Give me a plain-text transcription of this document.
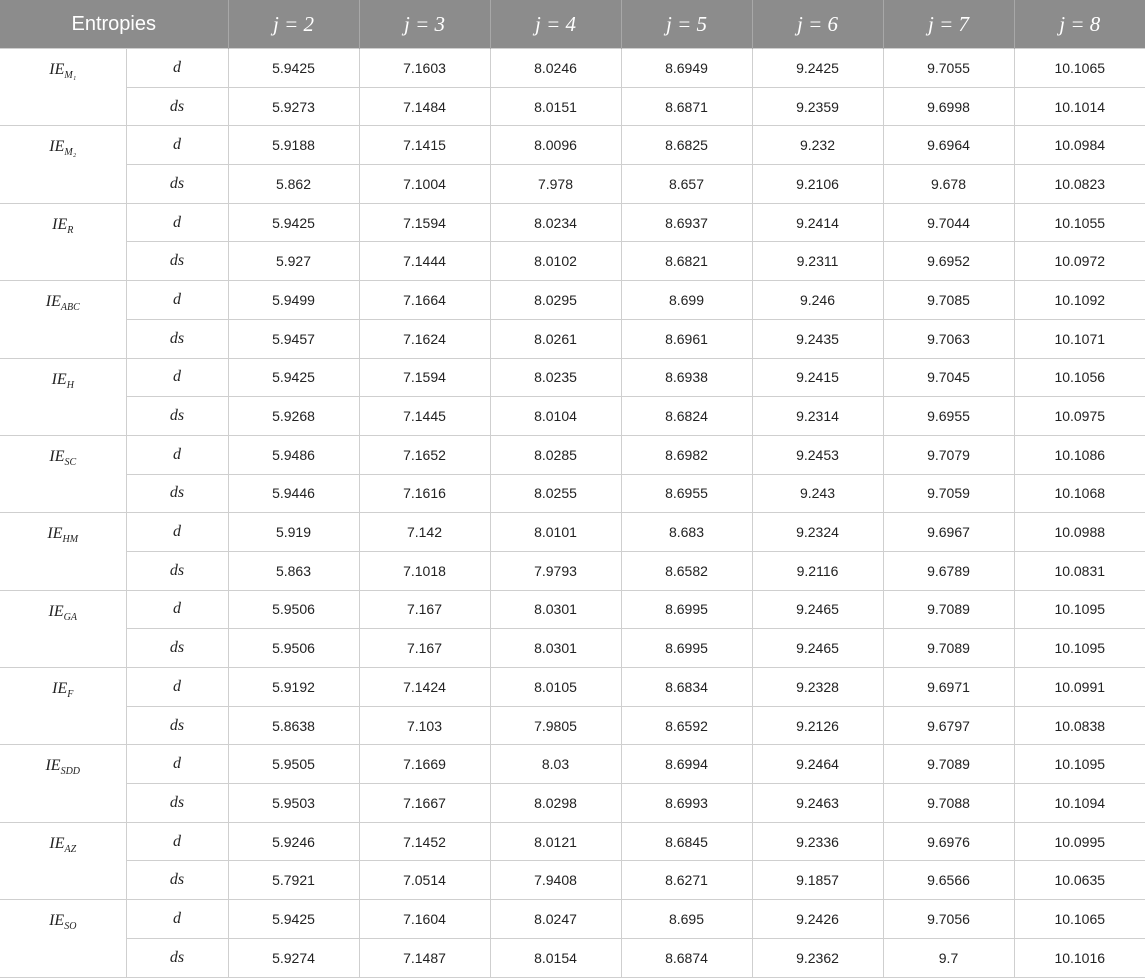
Entropies		j = 2	j = 3	j = 4	j = 5	j = 6	j = 7	j = 8
$IE_{M_1}$	d	5.9425	7.1603	8.0246	8.6949	9.2425	9.7055	10.1065
	ds	5.9273	7.1484	8.0151	8.6871	9.2359	9.6998	10.1014
$IE_{M_2}$	d	5.9188	7.1415	8.0096	8.6825	9.232	9.6964	10.0984
	ds	5.862	7.1004	7.978	8.657	9.2106	9.678	10.0823
$IE_R$	d	5.9425	7.1594	8.0234	8.6937	9.2414	9.7044	10.1055
	ds	5.927	7.1444	8.0102	8.6821	9.2311	9.6952	10.0972
$IE_{ABC}$	d	5.9499	7.1664	8.0295	8.699	9.246	9.7085	10.1092
	ds	5.9457	7.1624	8.0261	8.6961	9.2435	9.7063	10.1071
$IE_H$	d	5.9425	7.1594	8.0235	8.6938	9.2415	9.7045	10.1056
	ds	5.9268	7.1445	8.0104	8.6824	9.2314	9.6955	10.0975
$IE_{SC}$	d	5.9486	7.1652	8.0285	8.6982	9.2453	9.7079	10.1086
	ds	5.9446	7.1616	8.0255	8.6955	9.243	9.7059	10.1068
$IE_{HM}$	d	5.919	7.142	8.0101	8.683	9.2324	9.6967	10.0988
	ds	5.863	7.1018	7.9793	8.6582	9.2116	9.6789	10.0831
$IE_{GA}$	d	5.9506	7.167	8.0301	8.6995	9.2465	9.7089	10.1095
	ds	5.9506	7.167	8.0301	8.6995	9.2465	9.7089	10.1095
$IE_F$	d	5.9192	7.1424	8.0105	8.6834	9.2328	9.6971	10.0991
	ds	5.8638	7.103	7.9805	8.6592	9.2126	9.6797	10.0838
$IE_{SDD}$	d	5.9505	7.1669	8.03	8.6994	9.2464	9.7089	10.1095
	ds	5.9503	7.1667	8.0298	8.6993	9.2463	9.7088	10.1094
$IE_{AZ}$	d	5.9246	7.1452	8.0121	8.6845	9.2336	9.6976	10.0995
	ds	5.7921	7.0514	7.9408	8.6271	9.1857	9.6566	10.0635
$IE_{SO}$	d	5.9425	7.1604	8.0247	8.695	9.2426	9.7056	10.1065
	ds	5.9274	7.1487	8.0154	8.6874	9.2362	9.7	10.1016
